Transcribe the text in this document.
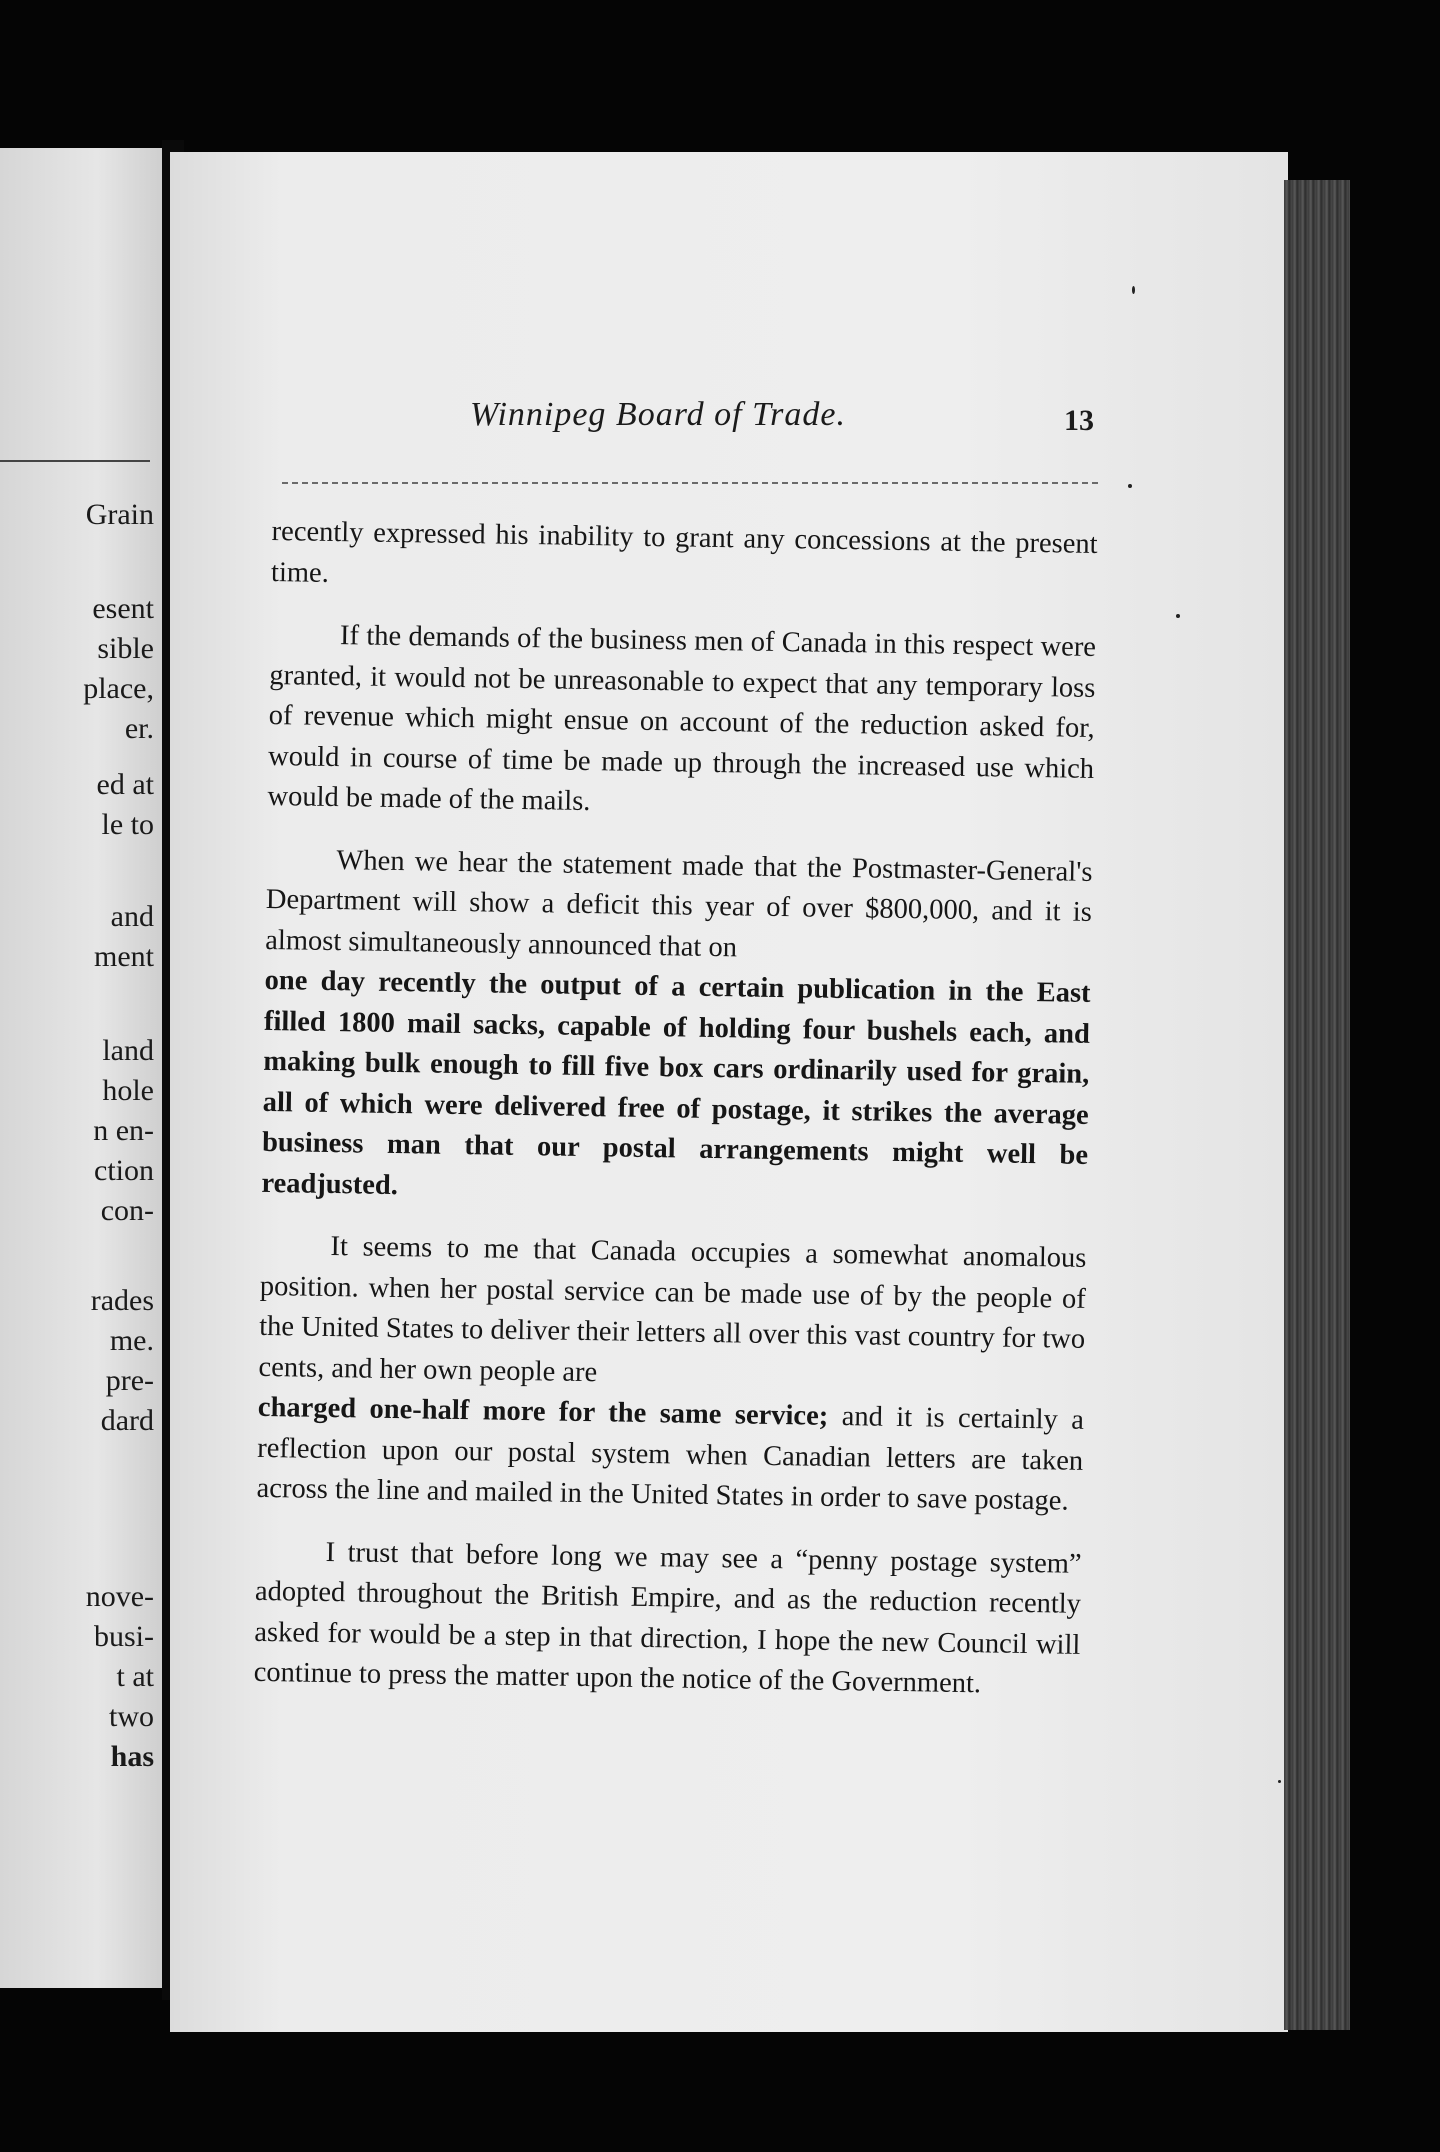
Grain
esent
sible
place,
er.
ed at
le to
and
ment
land
hole
n en-
ction
con-
rades
me.
pre-
dard
nove-
busi-
t at
two
has
Winnipeg Board of Trade.	13

recently expressed his inability to grant any concessions at the present time.

If the demands of the business men of Canada in this respect were granted, it would not be unreasonable to expect that any temporary loss of revenue which might ensue on account of the reduction asked for, would in course of time be made up through the increased use which would be made of the mails.

When we hear the statement made that the Postmaster-General's Department will show a deficit this year of over $800,000, and it is almost simultaneously announced that on

one day recently the output of a certain publication in the East filled 1800 mail sacks, capable of holding four bushels each, and making bulk enough to fill five box cars ordinarily used for grain, all of which were delivered free of postage, it strikes the average business man that our postal arrangements might well be readjusted.

It seems to me that Canada occupies a somewhat anomalous position. when her postal service can be made use of by the people of the United States to deliver their letters all over this vast country for two cents, and her own people are

charged one-half more for the same service; and it is certainly a reflection upon our postal system when Canadian letters are taken across the line and mailed in the United States in order to save postage.

I trust that before long we may see a “penny postage system” adopted throughout the British Empire, and as the reduction recently asked for would be a step in that direction, I hope the new Council will continue to press the matter upon the notice of the Government.
